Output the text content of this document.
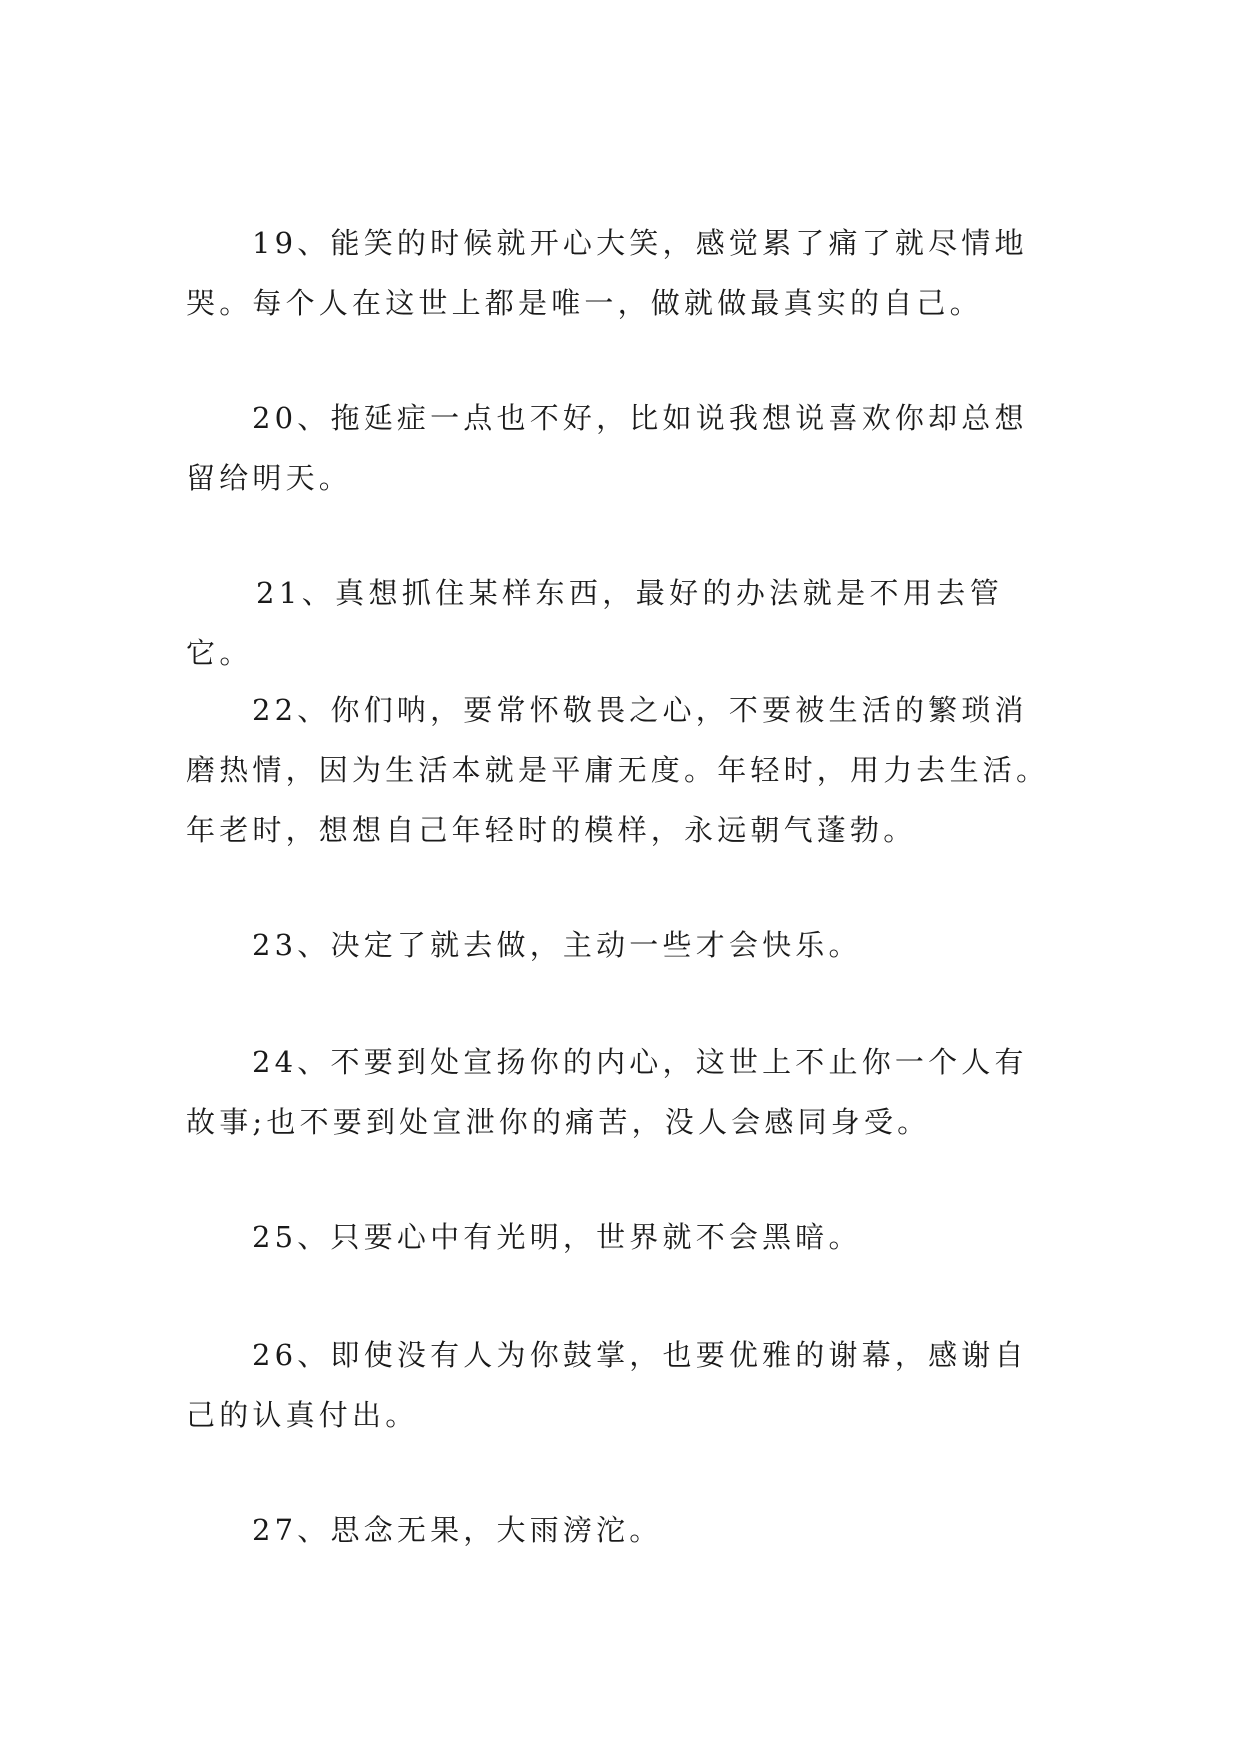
19、能笑的时候就开心大笑，感觉累了痛了就尽情地哭。每个人在这世上都是唯一，做就做最真实的自己。

20、拖延症一点也不好，比如说我想说喜欢你却总想留给明天。

21、真想抓住某样东西，最好的办法就是不用去管它。

22、你们呐，要常怀敬畏之心，不要被生活的繁琐消磨热情，因为生活本就是平庸无度。年轻时，用力去生活。年老时，想想自己年轻时的模样，永远朝气蓬勃。

23、决定了就去做，主动一些才会快乐。

24、不要到处宣扬你的内心，这世上不止你一个人有故事;也不要到处宣泄你的痛苦，没人会感同身受。

25、只要心中有光明，世界就不会黑暗。

26、即使没有人为你鼓掌，也要优雅的谢幕，感谢自己的认真付出。

27、思念无果，大雨滂沱。
